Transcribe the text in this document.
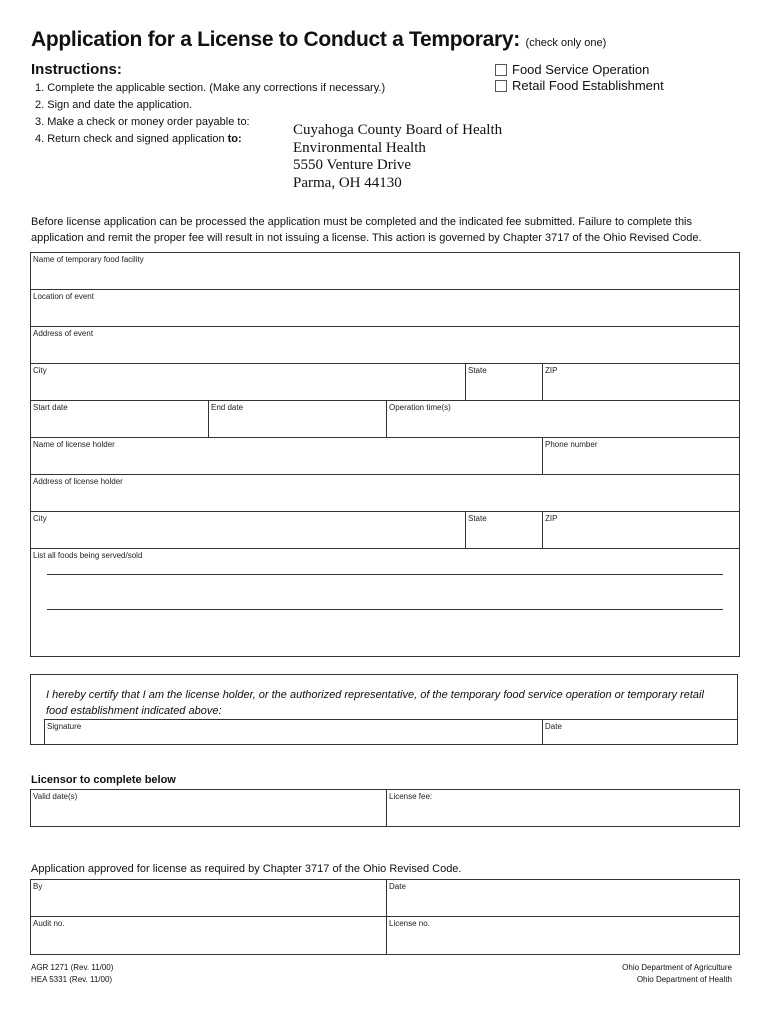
Application for a License to Conduct a Temporary: (check only one)
Instructions:
1. Complete the applicable section. (Make any corrections if necessary.)
2. Sign and date the application.
3. Make a check or money order payable to:
4. Return check and signed application to:
Food Service Operation
Retail Food Establishment
Cuyahoga County Board of Health
Environmental Health
5550 Venture Drive
Parma, OH 44130
Before license application can be processed the application must be completed and the indicated fee submitted. Failure to complete this application and remit the proper fee will result in not issuing a license. This action is governed by Chapter 3717 of the Ohio Revised Code.
Name of temporary food facility
Location of event
Address of event
City	State	ZIP
Start date	End date	Operation time(s)
Name of license holder	Phone number
Address of license holder
City	State	ZIP
List all foods being served/sold
I hereby certify that I am the license holder, or the authorized representative, of the temporary food service operation or temporary retail food establishment indicated above:
Signature	Date
Licensor to complete below
Valid date(s)	License fee:
Application approved for license as required by Chapter 3717 of the Ohio Revised Code.
By	Date
Audit no.	License no.
AGR 1271 (Rev. 11/00)
HEA 5331 (Rev. 11/00)
Ohio Department of Agriculture
Ohio Department of Health
